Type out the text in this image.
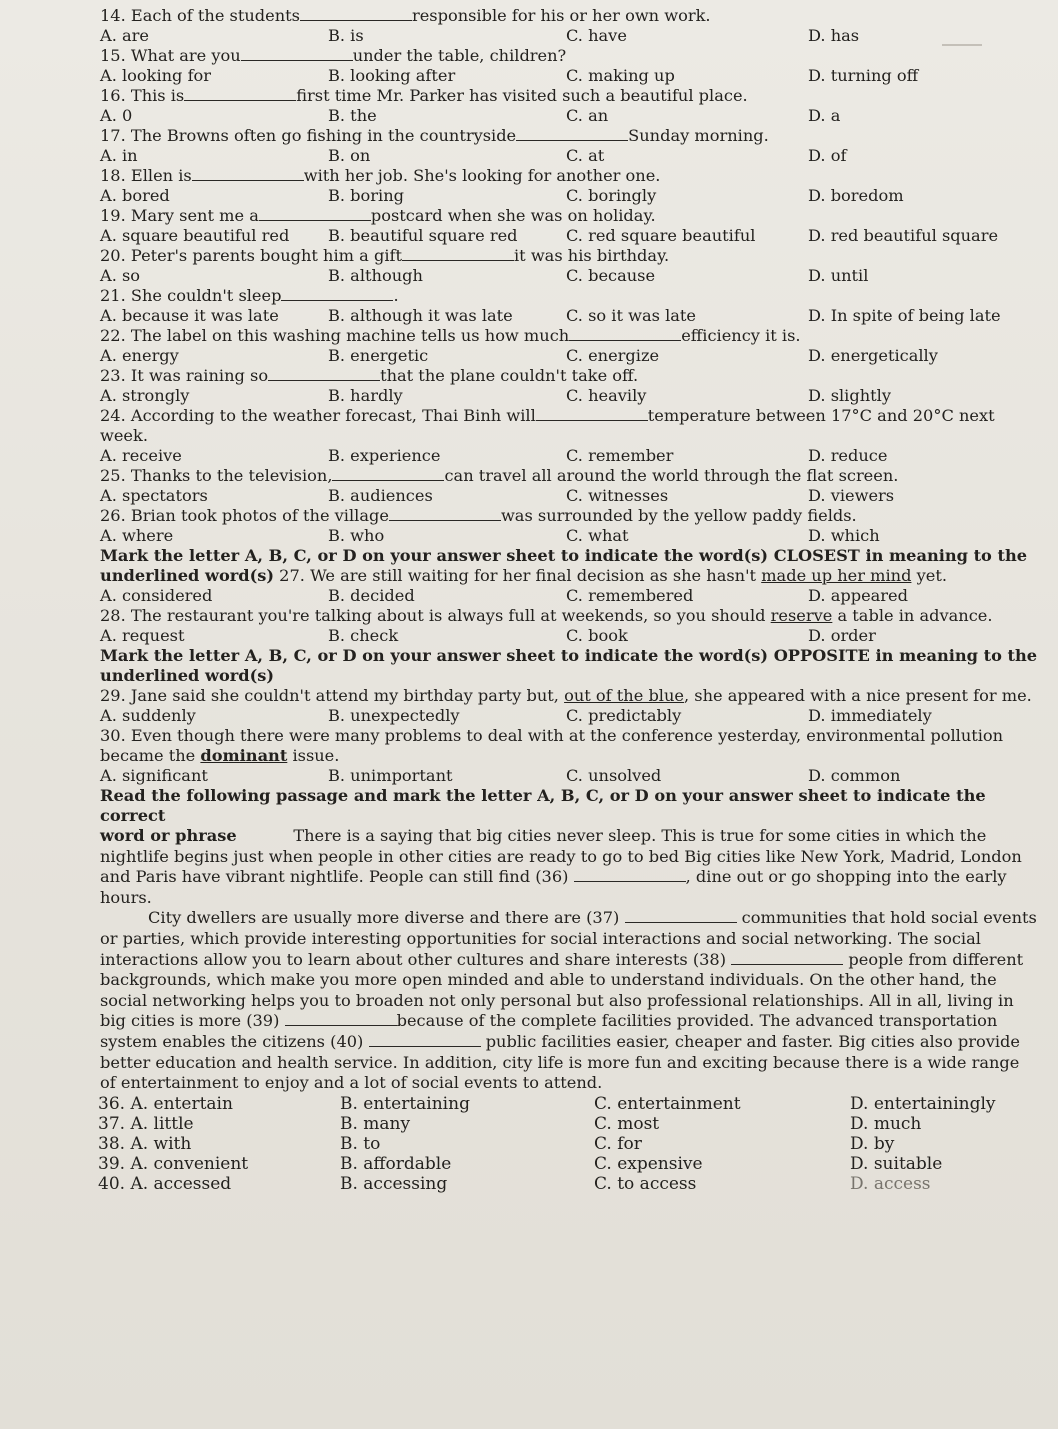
14. Each of the students	responsible for his or her own work.

A. are	B. is	C. have	D. has

15. What are you	under the table, children?

A. looking for	B. looking after	C. making up	D. turning off

16. This is	first time Mr. Parker has visited such a beautiful place.

A. 0	B. the	C. an	D. a

17. The Browns often go fishing in the countryside	Sunday morning.

A. in	B. on	C. at	D. of

18. Ellen is	with her job. She's looking for another one.

A. bored	B. boring	C. boringly	D. boredom

19. Mary sent me a	postcard when she was on holiday.

A. square beautiful red	B. beautiful square red	C. red square beautiful	D. red beautiful square

20. Peter's parents bought him a gift	it was his birthday.

A. so	B. although	C. because	D. until

21. She couldn't sleep	.

A. because it was late	B. although it was late	C. so it was late	D. In spite of being late

22. The label on this washing machine tells us how much	efficiency it is.

A. energy	B. energetic	C. energize	D. energetically

23. It was raining so	that the plane couldn't take off.

A. strongly	B. hardly	C. heavily	D. slightly

24. According to the weather forecast, Thai Binh will	temperature between 17°C and 20°C next week.

A. receive	B. experience	C. remember	D. reduce

25. Thanks to the television,	can travel all around the world through the flat screen.

A. spectators	B. audiences	C. witnesses	D. viewers

26. Brian took photos of the village	was surrounded by the yellow paddy fields.

A. where	B. who	C. what	D. which

Mark the letter A, B, C, or D on your answer sheet to indicate the word(s) CLOSEST in meaning to the

underlined word(s) 27. We are still waiting for her final decision as she hasn't made up her mind yet.

A. considered	B. decided	C. remembered	D. appeared

28. The restaurant you're talking about is always full at weekends, so you should reserve a table in advance.

A. request	B. check	C. book	D. order

Mark the letter A, B, C, or D on your answer sheet to indicate the word(s) OPPOSITE in meaning to the
underlined word(s)

29. Jane said she couldn't attend my birthday party but, out of the blue, she appeared with a nice present for me.

A. suddenly	B. unexpectedly	C. predictably	D. immediately

30. Even though there were many problems to deal with at the conference yesterday, environmental pollution became the dominant issue.

A. significant	B. unimportant	C. unsolved	D. common

Read the following passage and mark the letter A, B, C, or D on your answer sheet to indicate the correct

word or phrase	There is a saying that big cities never sleep. This is true for some cities in which the nightlife begins just when people in other cities are ready to go to bed Big cities like New York, Madrid, London and Paris have vibrant nightlife. People can still find (36)	, dine out or go shopping into the early hours.

City dwellers are usually more diverse and there are (37)	communities that hold social events or parties, which provide interesting opportunities for social interactions and social networking. The social interactions allow you to learn about other cultures and share interests (38)	people from different backgrounds, which make you more open minded and able to understand individuals. On the other hand, the social networking helps you to broaden not only personal but also professional relationships. All in all, living in big cities is more (39)	because of the complete facilities provided. The advanced transportation system enables the citizens (40)	public facilities easier, cheaper and faster. Big cities also provide better education and health service. In addition, city life is more fun and exciting because there is a wide range of entertainment to enjoy and a lot of social events to attend.

36. A. entertain	B. entertaining	C. entertainment	D. entertainingly
37. A. little	B. many	C. most	D. much
38. A. with	B. to	C. for	D. by
39. A. convenient	B. affordable	C. expensive	D. suitable
40. A. accessed	B. accessing	C. to access	D. access
